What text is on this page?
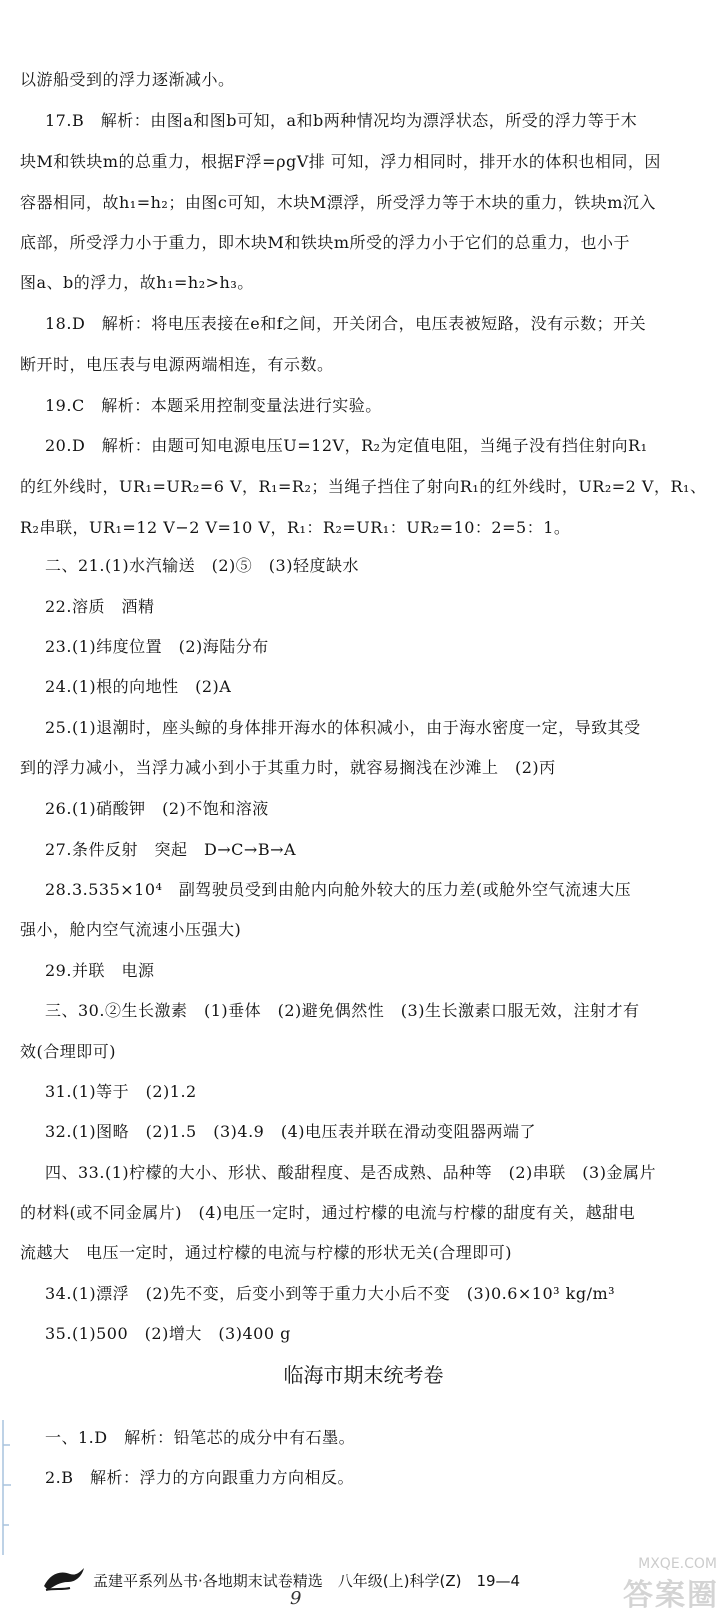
以游船受到的浮力逐渐减小。
17.B　解析：由图a和图b可知，a和b两种情况均为漂浮状态，所受的浮力等于木
块M和铁块m的总重力，根据F浮=ρgV排 可知，浮力相同时，排开水的体积也相同，因
容器相同，故h₁=h₂；由图c可知，木块M漂浮，所受浮力等于木块的重力，铁块m沉入
底部，所受浮力小于重力，即木块M和铁块m所受的浮力小于它们的总重力，也小于
图a、b的浮力，故h₁=h₂>h₃。
18.D　解析：将电压表接在e和f之间，开关闭合，电压表被短路，没有示数；开关
断开时，电压表与电源两端相连，有示数。
19.C　解析：本题采用控制变量法进行实验。
20.D　解析：由题可知电源电压U=12V，R₂为定值电阻，当绳子没有挡住射向R₁
的红外线时，UR₁=UR₂=6 V，R₁=R₂；当绳子挡住了射向R₁的红外线时，UR₂=2 V，R₁、
R₂串联，UR₁=12 V−2 V=10 V，R₁：R₂=UR₁：UR₂=10：2=5：1。
二、21.(1)水汽输送　(2)⑤　(3)轻度缺水
22.溶质　酒精
23.(1)纬度位置　(2)海陆分布
24.(1)根的向地性　(2)A
25.(1)退潮时，座头鲸的身体排开海水的体积减小，由于海水密度一定，导致其受
到的浮力减小，当浮力减小到小于其重力时，就容易搁浅在沙滩上　(2)丙
26.(1)硝酸钾　(2)不饱和溶液
27.条件反射　突起　D→C→B→A
28.3.535×10⁴　副驾驶员受到由舱内向舱外较大的压力差(或舱外空气流速大压
强小，舱内空气流速小压强大)
29.并联　电源
三、30.②生长激素　(1)垂体　(2)避免偶然性　(3)生长激素口服无效，注射才有
效(合理即可)
31.(1)等于　(2)1.2
32.(1)图略　(2)1.5　(3)4.9　(4)电压表并联在滑动变阻器两端了
四、33.(1)柠檬的大小、形状、酸甜程度、是否成熟、品种等　(2)串联　(3)金属片
的材料(或不同金属片)　(4)电压一定时，通过柠檬的电流与柠檬的甜度有关，越甜电
流越大　电压一定时，通过柠檬的电流与柠檬的形状无关(合理即可)
34.(1)漂浮　(2)先不变，后变小到等于重力大小后不变　(3)0.6×10³ kg/m³
35.(1)500　(2)增大　(3)400 g
临海市期末统考卷
一、1.D　解析：铅笔芯的成分中有石墨。
2.B　解析：浮力的方向跟重力方向相反。
孟建平系列丛书·各地期末试卷精选　八年级(上)科学(Z)　19—4
9
MXQE.COM
答案圈
